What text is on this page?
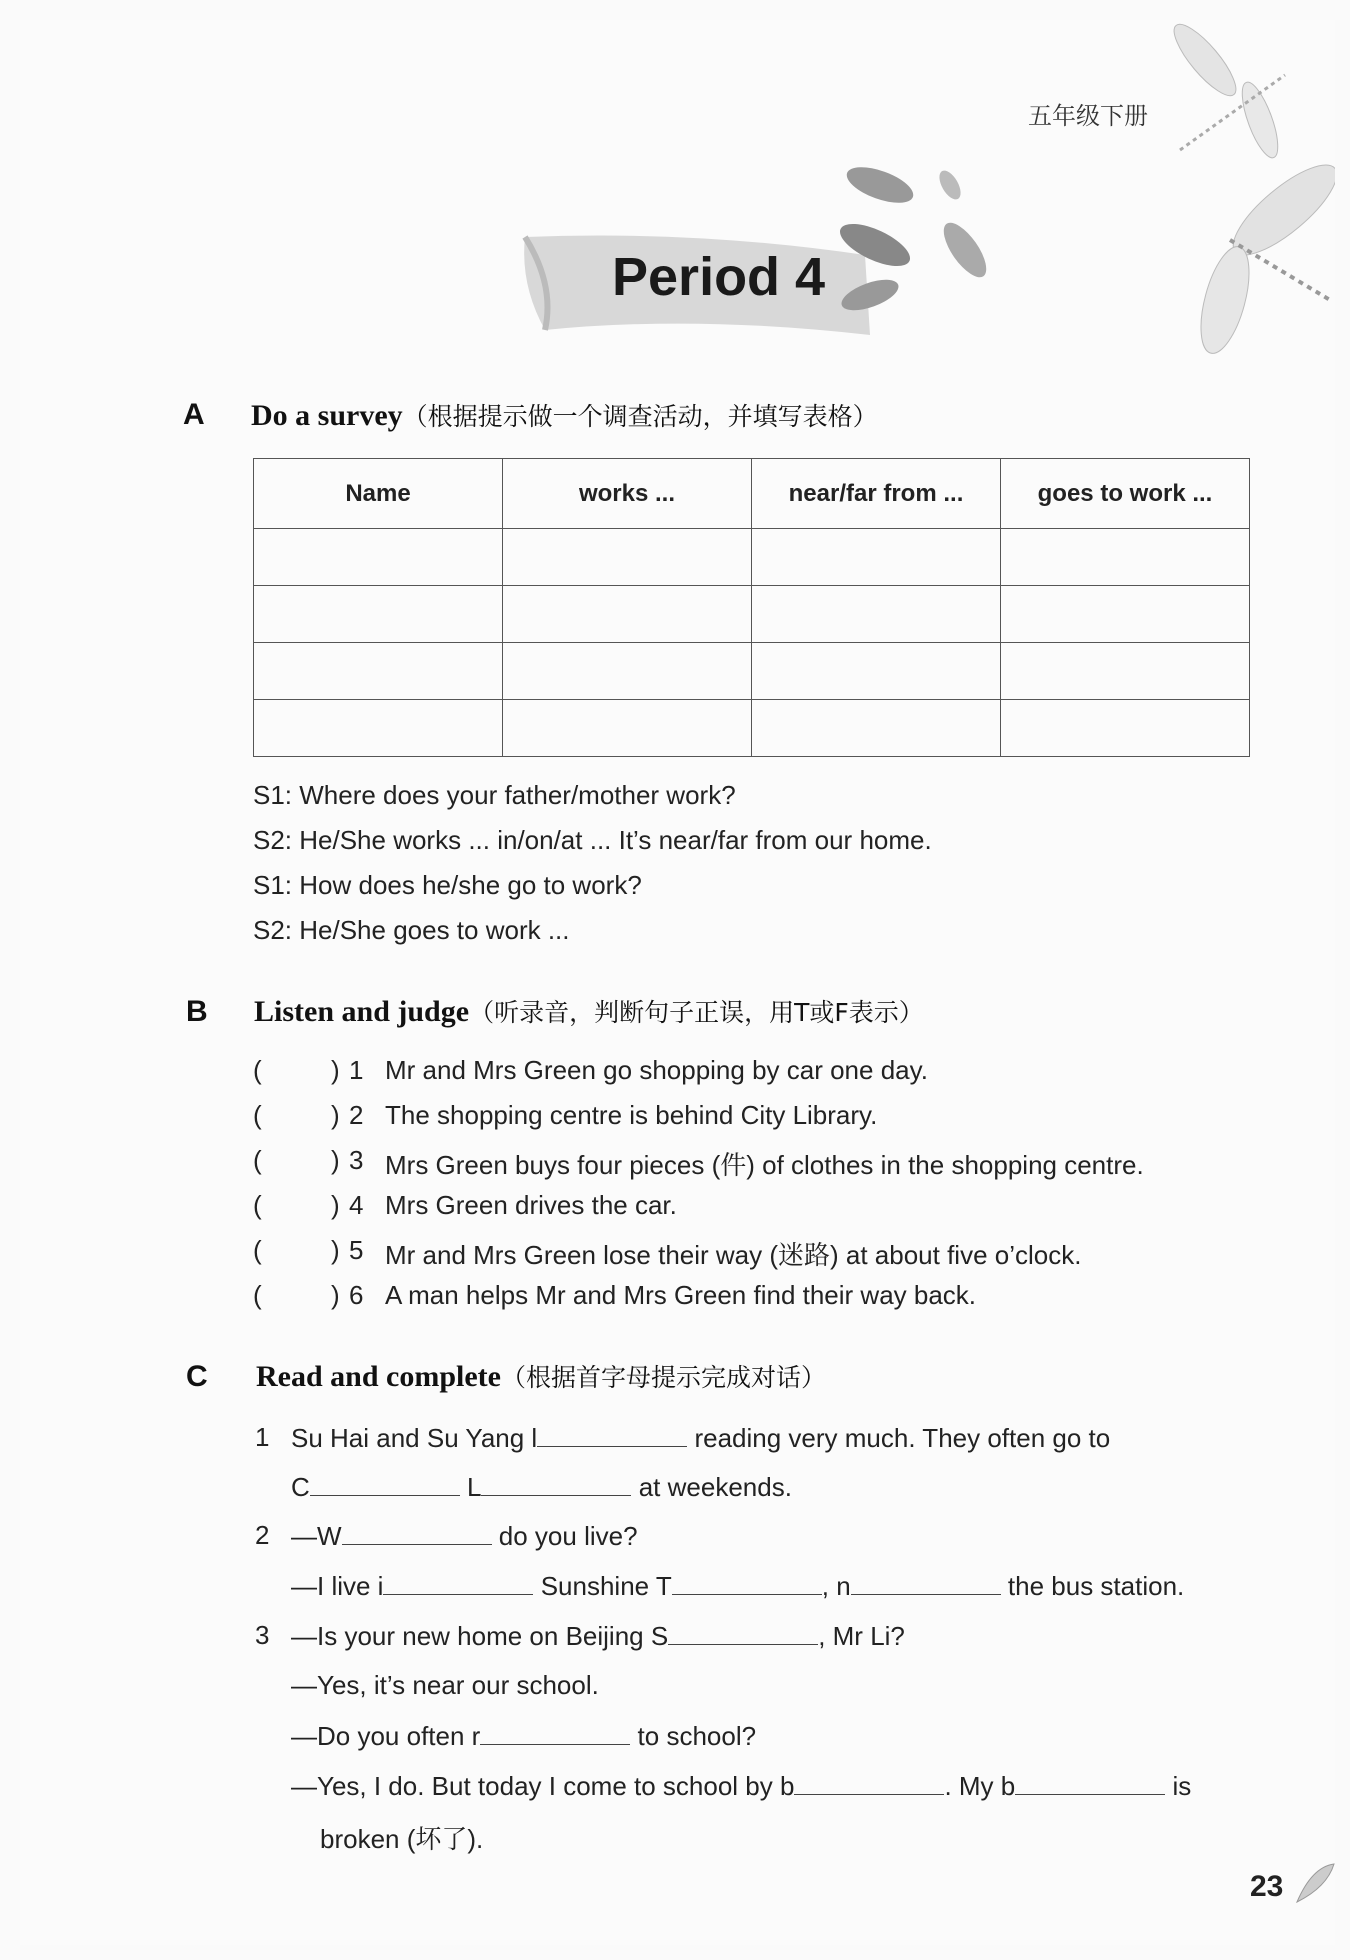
五年级下册
Period 4
A Do a survey（根据提示做一个调查活动，并填写表格）
Name	works ...	near/far from ...	goes to work ...

S1: Where does your father/mother work?
S2: He/She works ... in/on/at ... It’s near/far from our home.
S1: How does he/she go to work?
S2: He/She goes to work ...
B Listen and judge（听录音，判断句子正误，用T或F表示）
(	) 1 Mr and Mrs Green go shopping by car one day.
(	) 2 The shopping centre is behind City Library.
(	) 3 Mrs Green buys four pieces (件) of clothes in the shopping centre.
(	) 4 Mrs Green drives the car.
(	) 5 Mr and Mrs Green lose their way (迷路) at about five o’clock.
(	) 6 A man helps Mr and Mrs Green find their way back.
C Read and complete（根据首字母提示完成对话）
1 Su Hai and Su Yang l	reading very much. They often go to
C	L	at weekends.
2 —W	do you live?
—I live i	Sunshine T	, n	the bus station.
3 —Is your new home on Beijing S	, Mr Li?
—Yes, it’s near our school.
—Do you often r	to school?
—Yes, I do. But today I come to school by b	. My b	is
broken (坏了).
23
